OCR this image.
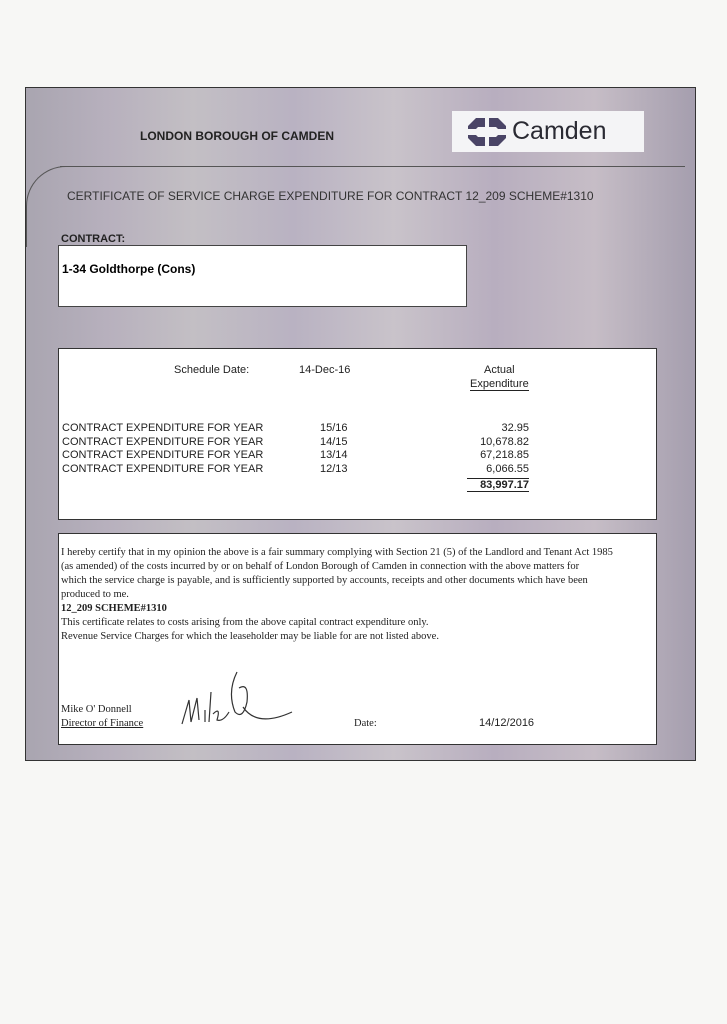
LONDON BOROUGH OF CAMDEN	Camden
CERTIFICATE OF SERVICE CHARGE EXPENDITURE FOR CONTRACT 12_209 SCHEME#1310
CONTRACT:
1-34 Goldthorpe (Cons)
Schedule Date:	14-Dec-16	Actual
Expenditure
CONTRACT EXPENDITURE FOR YEAR	15/16	32.95
CONTRACT EXPENDITURE FOR YEAR	14/15	10,678.82
CONTRACT EXPENDITURE FOR YEAR	13/14	67,218.85
CONTRACT EXPENDITURE FOR YEAR	12/13	6,066.55
83,997.17

I hereby certify that in my opinion the above is a fair summary complying with Section 21 (5) of the Landlord and Tenant Act 1985

(as amended) of the costs incurred by or on behalf of London Borough of Camden in connection with the above matters for

which the service charge is payable, and is sufficiently supported by accounts, receipts and other documents which have been

produced to me.

12_209 SCHEME#1310

This certificate relates to costs arising from the above capital contract expenditure only.

Revenue Service Charges for which the leaseholder may be liable for are not listed above.

Mike O' Donnell
Director of Finance	Date:	14/12/2016
